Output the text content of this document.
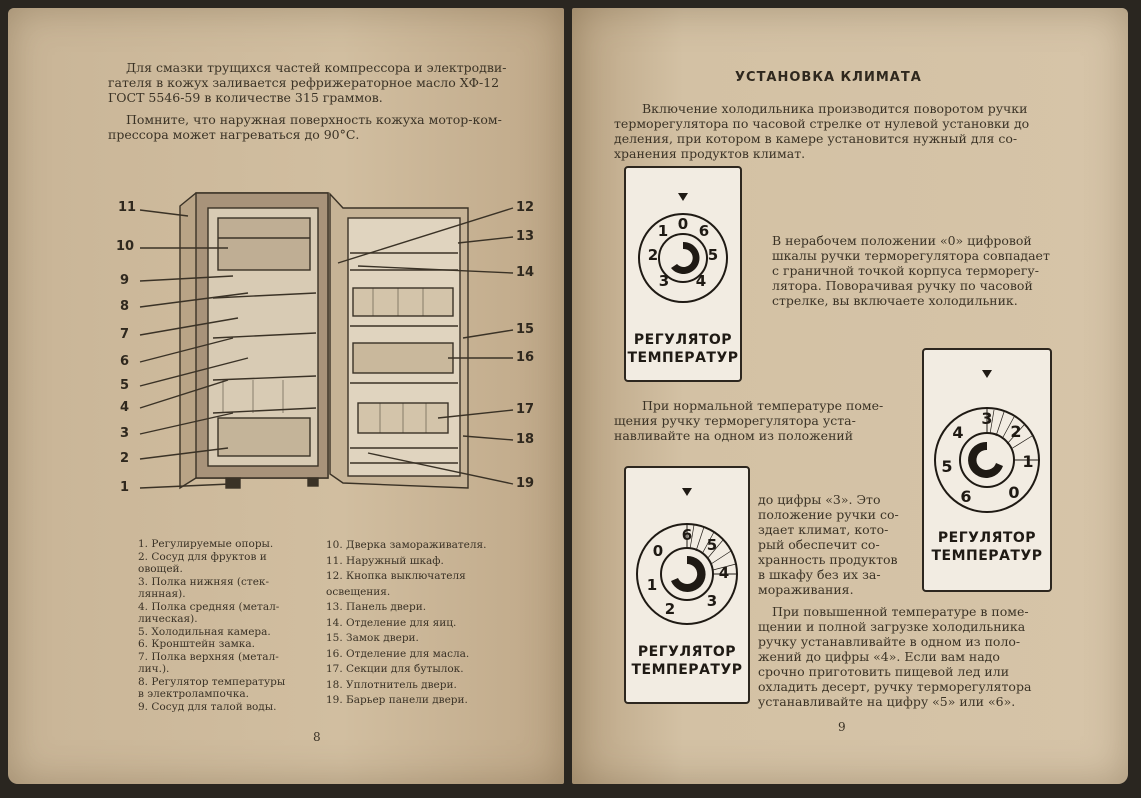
Для смазки трущихся частей компрессора и электродви-
гателя в кожух заливается рефрижераторное масло ХФ-12
ГОСТ 5546-59 в количестве 315 граммов.
Помните, что наружная поверхность кожуха мотор-ком-
прессора может нагреваться до 90°С.
11
10
9
8
7
6
5
4
3
2
1
12
13
14
15
16
17
18
19
1. Регулируемые опоры.
2. Сосуд для фруктов и
овощей.
3. Полка нижняя (стек-
лянная).
4. Полка средняя (метал-
лическая).
5. Холодильная камера.
6. Кронштейн замка.
7. Полка верхняя (метал-
лич.).
8. Регулятор температуры
в электролампочка.
9. Сосуд для талой воды.
10. Дверка замораживателя.
11. Наружный шкаф.
12. Кнопка выключателя
освещения.
13. Панель двери.
14. Отделение для яиц.
15. Замок двери.
16. Отделение для масла.
17. Секции для бутылок.
18. Уплотнитель двери.
19. Барьер панели двери.
8
УСТАНОВКА КЛИМАТА
Включение холодильника производится поворотом ручки
терморегулятора по часовой стрелке от нулевой установки до
деления, при котором в камере установится нужный для со-
хранения продуктов климат.
0
1
2
3 4
5
6
РЕГУЛЯТОР
ТЕМПЕРАТУР
В нерабочем положении «0» цифровой
шкалы ручки терморегулятора совпадает
с граничной точкой корпуса терморегу-
лятора. Поворачивая ручку по часовой
стрелке, вы включаете холодильник.
3
2
1
0
6
5
4
РЕГУЛЯТОР
ТЕМПЕРАТУР
При нормальной температуре поме-
щения ручку терморегулятора уста-
навливайте на одном из положений
6
5
4
3
2
1
0
РЕГУЛЯТОР
ТЕМПЕРАТУР
до цифры «3». Это
положение ручки со-
здает климат, кото-
рый обеспечит со-
хранность продуктов
в шкафу без их за-
мораживания.
При повышенной температуре в поме-
щении и полной загрузке холодильника
ручку устанавливайте в одном из поло-
жений до цифры «4». Если вам надо
срочно приготовить пищевой лед или
охладить десерт, ручку терморегулятора
устанавливайте на цифру «5» или «6».
9
